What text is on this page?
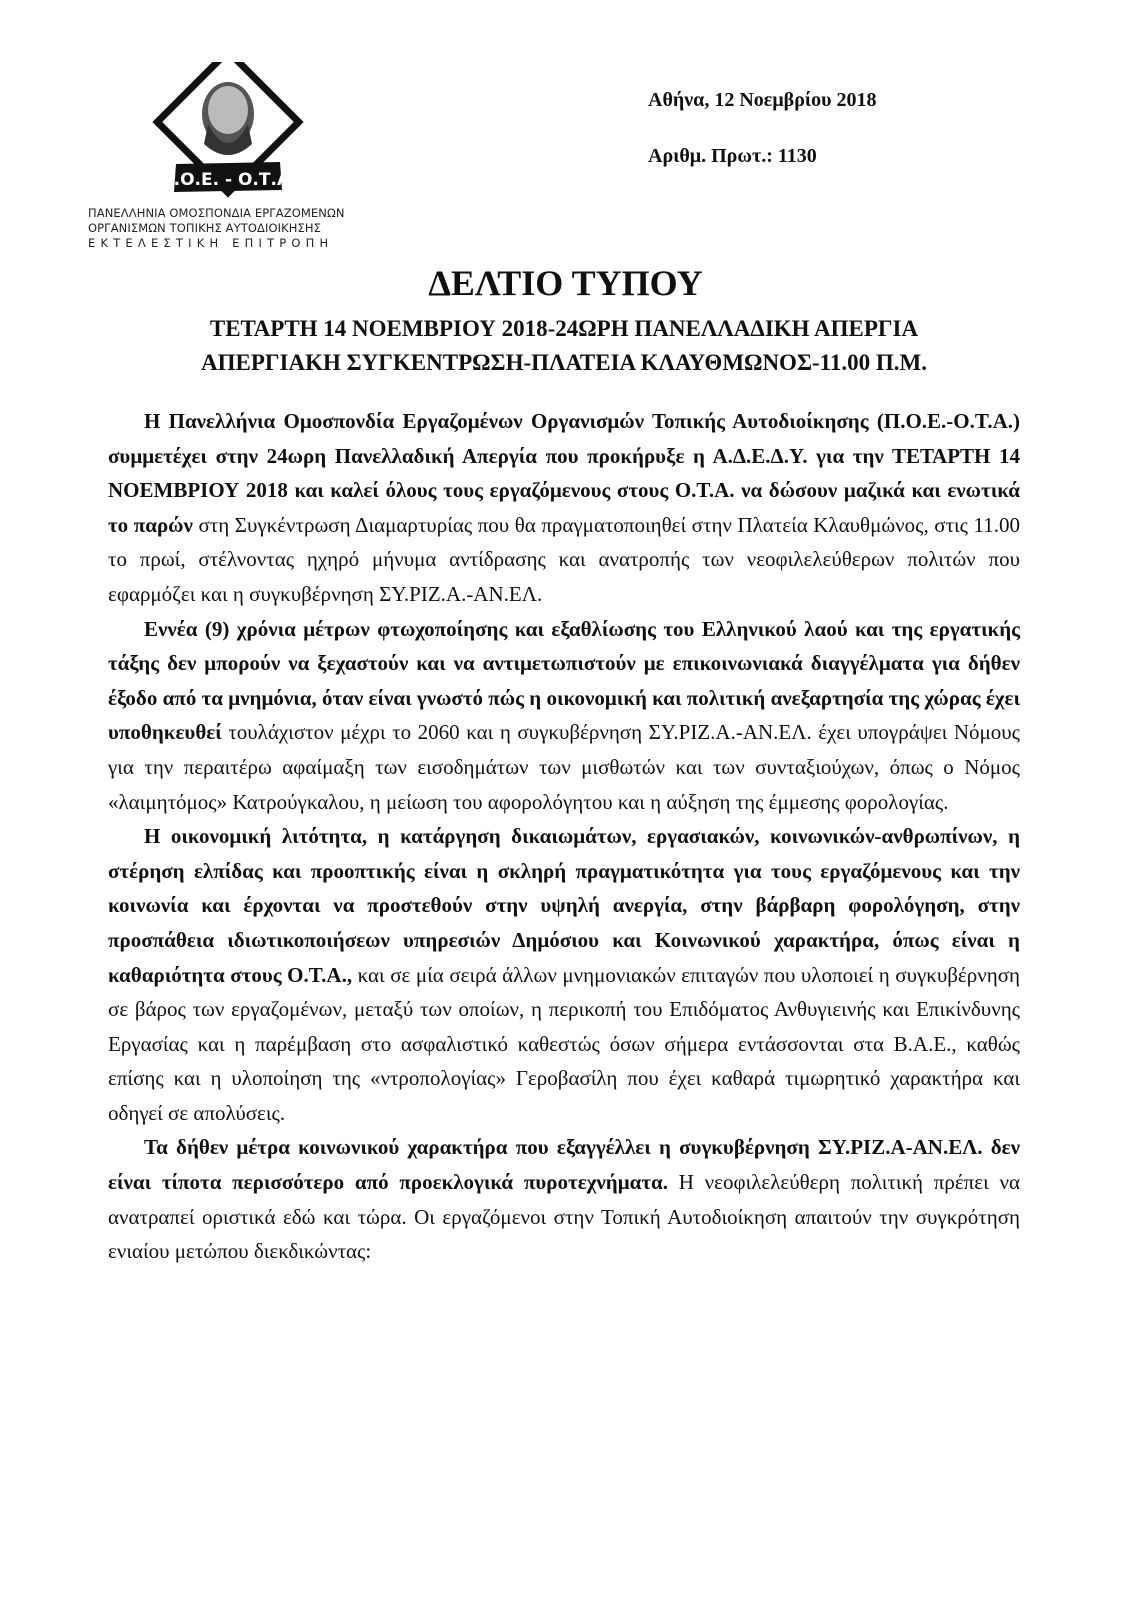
Π.Ο.Ε. - Ο.Τ.Α.
ΠΑΝΕΛΛΗΝΙΑ ΟΜΟΣΠΟΝΔΙΑ ΕΡΓΑΖΟΜΕΝΩΝ
ΟΡΓΑΝΙΣΜΩΝ ΤΟΠΙΚΗΣ ΑΥΤΟΔΙΟΙΚΗΣΗΣ
ΕΚΤΕΛΕΣΤΙΚΗ ΕΠΙΤΡΟΠΗ
Αθήνα, 12 Νοεμβρίου 2018
Αριθμ. Πρωτ.: 1130
ΔΕΛΤΙΟ ΤΥΠΟΥ
ΤΕΤΑΡΤΗ 14 ΝΟΕΜΒΡΙΟΥ 2018-24ΩΡΗ ΠΑΝΕΛΛΑΔΙΚΗ ΑΠΕΡΓΙΑ
ΑΠΕΡΓΙΑΚΗ ΣΥΓΚΕΝΤΡΩΣΗ-ΠΛΑΤΕΙΑ ΚΛΑΥΘΜΩΝΟΣ-11.00 Π.Μ.

Η Πανελλήνια Ομοσπονδία Εργαζομένων Οργανισμών Τοπικής Αυτοδιοίκησης (Π.Ο.Ε.-Ο.Τ.Α.) συμμετέχει στην 24ωρη Πανελλαδική Απεργία που προκήρυξε η Α.Δ.Ε.Δ.Υ. για την ΤΕΤΑΡΤΗ 14 ΝΟΕΜΒΡΙΟΥ 2018 και καλεί όλους τους εργαζόμενους στους Ο.Τ.Α. να δώσουν μαζικά και ενωτικά το παρών στη Συγκέντρωση Διαμαρτυρίας που θα πραγματοποιηθεί στην Πλατεία Κλαυθμώνος, στις 11.00 το πρωί, στέλνοντας ηχηρό μήνυμα αντίδρασης και ανατροπής των νεοφιλελεύθερων πολιτών που εφαρμόζει και η συγκυβέρνηση ΣΥ.ΡΙΖ.Α.-ΑΝ.ΕΛ.

Εννέα (9) χρόνια μέτρων φτωχοποίησης και εξαθλίωσης του Ελληνικού λαού και της εργατικής τάξης δεν μπορούν να ξεχαστούν και να αντιμετωπιστούν με επικοινωνιακά διαγγέλματα για δήθεν έξοδο από τα μνημόνια, όταν είναι γνωστό πώς η οικονομική και πολιτική ανεξαρτησία της χώρας έχει υποθηκευθεί τουλάχιστον μέχρι το 2060 και η συγκυβέρνηση ΣΥ.ΡΙΖ.Α.-ΑΝ.ΕΛ. έχει υπογράψει Νόμους για την περαιτέρω αφαίμαξη των εισοδημάτων των μισθωτών και των συνταξιούχων, όπως ο Νόμος «λαιμητόμος» Κατρούγκαλου, η μείωση του αφορολόγητου και η αύξηση της έμμεσης φορολογίας.

Η οικονομική λιτότητα, η κατάργηση δικαιωμάτων, εργασιακών, κοινωνικών-ανθρωπίνων, η στέρηση ελπίδας και προοπτικής είναι η σκληρή πραγματικότητα για τους εργαζόμενους και την κοινωνία και έρχονται να προστεθούν στην υψηλή ανεργία, στην βάρβαρη φορολόγηση, στην προσπάθεια ιδιωτικοποιήσεων υπηρεσιών Δημόσιου και Κοινωνικού χαρακτήρα, όπως είναι η καθαριότητα στους Ο.Τ.Α., και σε μία σειρά άλλων μνημονιακών επιταγών που υλοποιεί η συγκυβέρνηση σε βάρος των εργαζομένων, μεταξύ των οποίων, η περικοπή του Επιδόματος Ανθυγιεινής και Επικίνδυνης Εργασίας και η παρέμβαση στο ασφαλιστικό καθεστώς όσων σήμερα εντάσσονται στα Β.Α.Ε., καθώς επίσης και η υλοποίηση της «ντροπολογίας» Γεροβασίλη που έχει καθαρά τιμωρητικό χαρακτήρα και οδηγεί σε απολύσεις.

Τα δήθεν μέτρα κοινωνικού χαρακτήρα που εξαγγέλλει η συγκυβέρνηση ΣΥ.ΡΙΖ.Α-ΑΝ.ΕΛ. δεν είναι τίποτα περισσότερο από προεκλογικά πυροτεχνήματα. Η νεοφιλελεύθερη πολιτική πρέπει να ανατραπεί οριστικά εδώ και τώρα. Οι εργαζόμενοι στην Τοπική Αυτοδιοίκηση απαιτούν την συγκρότηση ενιαίου μετώπου διεκδικώντας:
